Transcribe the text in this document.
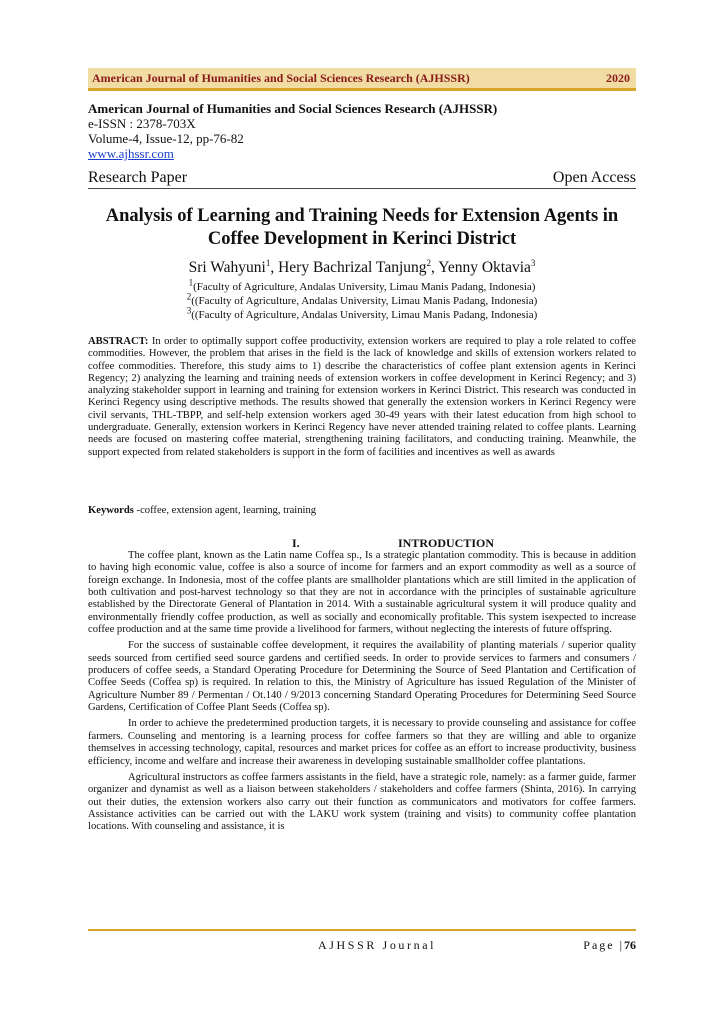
American Journal of Humanities and Social Sciences Research (AJHSSR)	2020
American Journal of Humanities and Social Sciences Research (AJHSSR)
e-ISSN : 2378-703X
Volume-4, Issue-12, pp-76-82
www.ajhssr.com
Research Paper	Open Access
Analysis of Learning and Training Needs for Extension Agents in
Coffee Development in Kerinci District
Sri Wahyuni$^1$, Hery Bachrizal Tanjung$^2$, Yenny Oktavia$^3$
$^1$(Faculty of Agriculture, Andalas University, Limau Manis Padang, Indonesia)
$^2$((Faculty of Agriculture, Andalas University, Limau Manis Padang, Indonesia)
$^3$((Faculty of Agriculture, Andalas University, Limau Manis Padang, Indonesia)
ABSTRACT: In order to optimally support coffee productivity, extension workers are required to play a role related to coffee commodities. However, the problem that arises in the field is the lack of knowledge and skills of extension workers related to coffee commodities. Therefore, this study aims to 1) describe the characteristics of coffee plant extension agents in Kerinci Regency; 2) analyzing the learning and training needs of extension workers in coffee development in Kerinci Regency; and 3) analyzing stakeholder support in learning and training for extension workers in Kerinci District. This research was conducted in Kerinci Regency using descriptive methods. The results showed that generally the extension workers in Kerinci Regency were civil servants, THL-TBPP, and self-help extension workers aged 30-49 years with their latest education from high school to undergraduate. Generally, extension workers in Kerinci Regency have never attended training related to coffee plants. Learning needs are focused on mastering coffee material, strengthening training facilitators, and conducting training. Meanwhile, the support expected from related stakeholders is support in the form of facilities and incentives as well as awards
Keywords -coffee, extension agent, learning, training
I.	INTRODUCTION

The coffee plant, known as the Latin name Coffea sp., Is a strategic plantation commodity. This is because in addition to having high economic value, coffee is also a source of income for farmers and an export commodity as well as a source of foreign exchange. In Indonesia, most of the coffee plants are smallholder plantations which are still limited in the application of both cultivation and post-harvest technology so that they are not in accordance with the principles of sustainable agriculture established by the Directorate General of Plantation in 2014. With a sustainable agricultural system it will produce quality and environmentally friendly coffee production, as well as socially and economically profitable. This system isexpected to increase coffee production and at the same time provide a livelihood for farmers, without neglecting the interests of future offspring.

For the success of sustainable coffee development, it requires the availability of planting materials / superior quality seeds sourced from certified seed source gardens and certified seeds. In order to provide services to farmers and consumers / producers of coffee seeds, a Standard Operating Procedure for Determining the Source of Seed Plantation and Certification of Coffee Seeds (Coffea sp) is required. In relation to this, the Ministry of Agriculture has issued Regulation of the Minister of Agriculture Number 89 / Permentan / Ot.140 / 9/2013 concerning Standard Operating Procedures for Determining Seed Source Gardens, Certification of Coffee Plant Seeds (Coffea sp).

In order to achieve the predetermined production targets, it is necessary to provide counseling and assistance for coffee farmers. Counseling and mentoring is a learning process for coffee farmers so that they are willing and able to organize themselves in accessing technology, capital, resources and market prices for coffee as an effort to increase productivity, business efficiency, income and welfare and increase their awareness in developing sustainable smallholder coffee plantations.

Agricultural instructors as coffee farmers assistants in the field, have a strategic role, namely: as a farmer guide, farmer organizer and dynamist as well as a liaison between stakeholders / stakeholders and coffee farmers (Shinta, 2016). In carrying out their duties, the extension workers also carry out their function as communicators and motivators for coffee farmers. Assistance activities can be carried out with the LAKU work system (training and visits) to community coffee plantation locations. With counseling and assistance, it is

AJHSSR Journal	Page |76
